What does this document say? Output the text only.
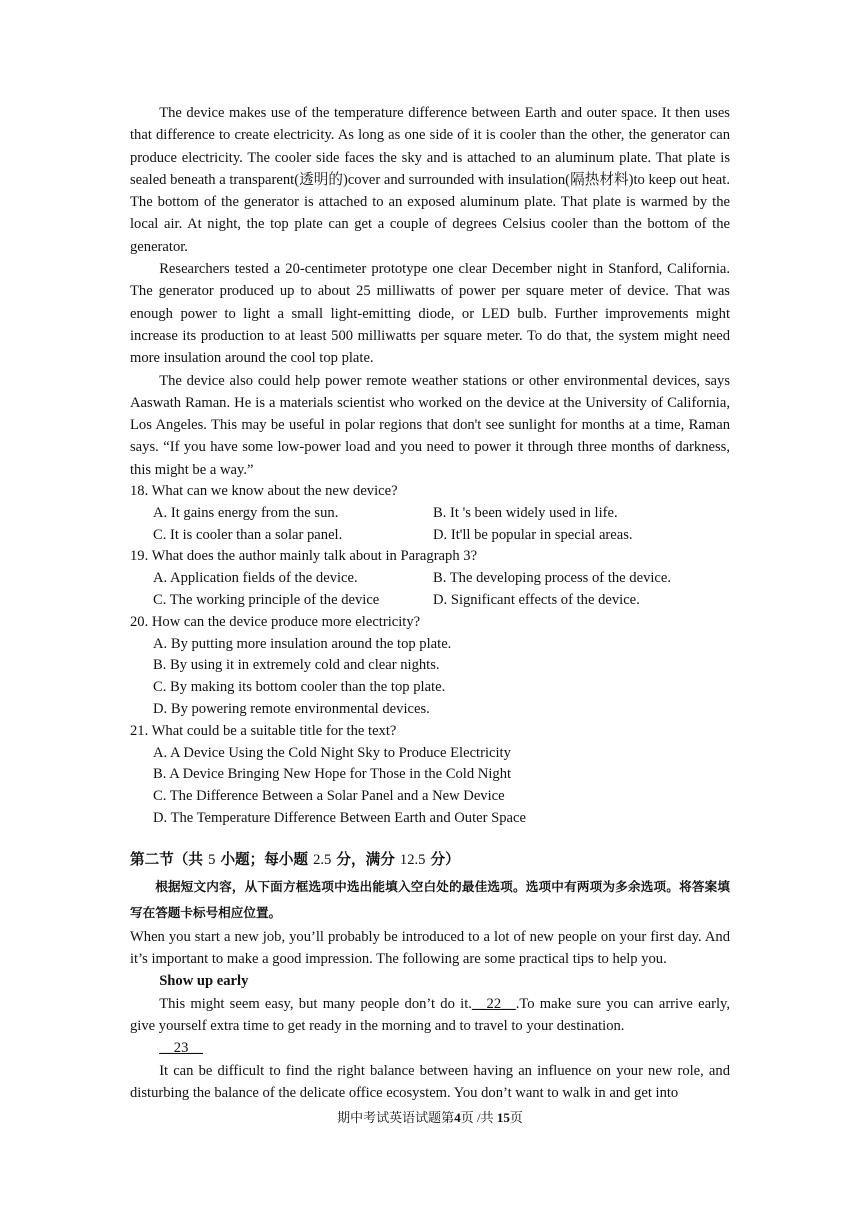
The device makes use of the temperature difference between Earth and outer space. It then uses that difference to create electricity. As long as one side of it is cooler than the other, the generator can produce electricity. The cooler side faces the sky and is attached to an aluminum plate. That plate is sealed beneath a transparent(透明的)cover and surrounded with insulation(隔热材料)to keep out heat. The bottom of the generator is attached to an exposed aluminum plate. That plate is warmed by the local air. At night, the top plate can get a couple of degrees Celsius cooler than the bottom of the generator.

Researchers tested a 20-centimeter prototype one clear December night in Stanford, California. The generator produced up to about 25 milliwatts of power per square meter of device. That was enough power to light a small light-emitting diode, or LED bulb. Further improvements might increase its production to at least 500 milliwatts per square meter. To do that, the system might need more insulation around the cool top plate.

The device also could help power remote weather stations or other environmental devices, says Aaswath Raman. He is a materials scientist who worked on the device at the University of California, Los Angeles. This may be useful in polar regions that don't see sunlight for months at a time, Raman says. “If you have some low-power load and you need to power it through three months of darkness, this might be a way.”

18. What can we know about the new device?

A. It gains energy from the sun.	B. It 's been widely used in life.
C. It is cooler than a solar panel.	D. It'll be popular in special areas.

19. What does the author mainly talk about in Paragraph 3?

A. Application fields of the device.	B. The developing process of the device.
C. The working principle of the device	D. Significant effects of the device.

20. How can the device produce more electricity?

A. By putting more insulation around the top plate.
B. By using it in extremely cold and clear nights.
C. By making its bottom cooler than the top plate.
D. By powering remote environmental devices.

21. What could be a suitable title for the text?

A. A Device Using the Cold Night Sky to Produce Electricity
B. A Device Bringing New Hope for Those in the Cold Night
C. The Difference Between a Solar Panel and a New Device
D. The Temperature Difference Between Earth and Outer Space
第二节（共 5 小题；每小题 2.5 分，满分 12.5 分）

根据短文内容，从下面方框选项中选出能填入空白处的最佳选项。选项中有两项为多余选项。将答案填写在答题卡标号相应位置。

When you start a new job, you’ll probably be introduced to a lot of new people on your first day. And it’s important to make a good impression. The following are some practical tips to help you.

Show up early

This might seem easy, but many people don’t do it.__22__.To make sure you can arrive early, give yourself extra time to get ready in the morning and to travel to your destination.

__23__

It can be difficult to find the right balance between having an influence on your new role, and disturbing the balance of the delicate office ecosystem. You don’t want to walk in and get into

期中考试英语试题第4页 /共 15页
